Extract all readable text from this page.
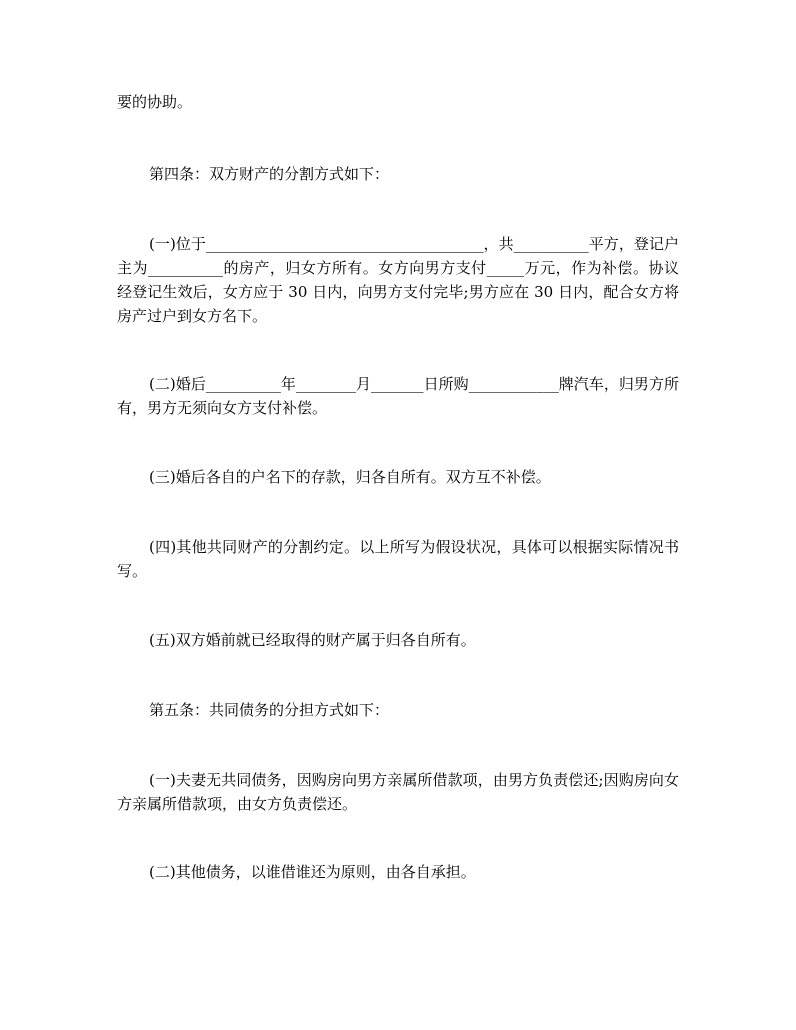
要的协助。

第四条：双方财产的分割方式如下：

(一)位于_____________________________________，共__________平方，登记户主为__________的房产，归女方所有。女方向男方支付_____万元，作为补偿。协议经登记生效后，女方应于 30 日内，向男方支付完毕;男方应在 30 日内，配合女方将房产过户到女方名下。

(二)婚后__________年________月_______日所购____________牌汽车，归男方所有，男方无须向女方支付补偿。

(三)婚后各自的户名下的存款，归各自所有。双方互不补偿。

(四)其他共同财产的分割约定。以上所写为假设状况，具体可以根据实际情况书写。

(五)双方婚前就已经取得的财产属于归各自所有。

第五条：共同债务的分担方式如下：

(一)夫妻无共同债务，因购房向男方亲属所借款项，由男方负责偿还;因购房向女方亲属所借款项，由女方负责偿还。

(二)其他债务，以谁借谁还为原则，由各自承担。
